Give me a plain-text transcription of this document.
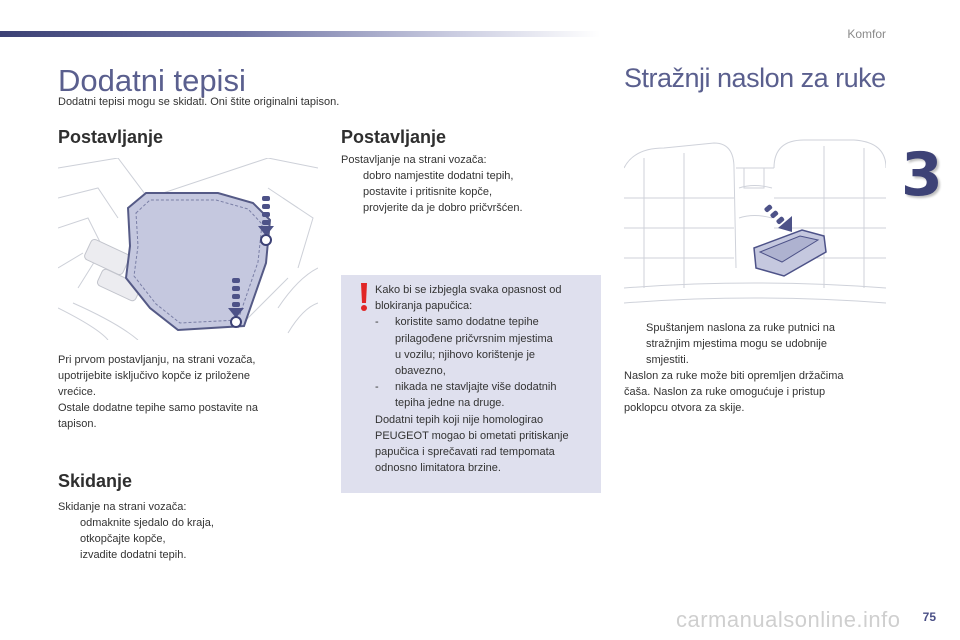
Komfor
3
Dodatni tepisi
Dodatni tepisi mogu se skidati. Oni štite originalni tapison.
Stražnji naslon za ruke
Postavljanje
Pri prvom postavljanju, na strani vozača,
upotrijebite isključivo kopče iz priložene
vrećice.
Ostale dodatne tepihe samo postavite na
tapison.
Skidanje
Skidanje na strani vozača:
odmaknite sjedalo do kraja,
otkopčajte kopče,
izvadite dodatni tepih.
Postavljanje
Postavljanje na strani vozača:
dobro namjestite dodatni tepih,
postavite i pritisnite kopče,
provjerite da je dobro pričvršćen.
Kako bi se izbjegla svaka opasnost od
blokiranja papučica:
-	koristite samo dodatne tepihe
prilagođene pričvrsnim mjestima
u vozilu; njihovo korištenje je
obavezno,
-	nikada ne stavljajte više dodatnih
tepiha jedne na druge.
Dodatni tepih koji nije homologirao
PEUGEOT mogao bi ometati pritiskanje
papučica i sprečavati rad tempomata
odnosno limitatora brzine.
Spuštanjem naslona za ruke putnici na
stražnjim mjestima mogu se udobnije
smjestiti.
Naslon za ruke može biti opremljen držačima
čaša. Naslon za ruke omogućuje i pristup
poklopcu otvora za skije.
carmanualsonline.info 75
